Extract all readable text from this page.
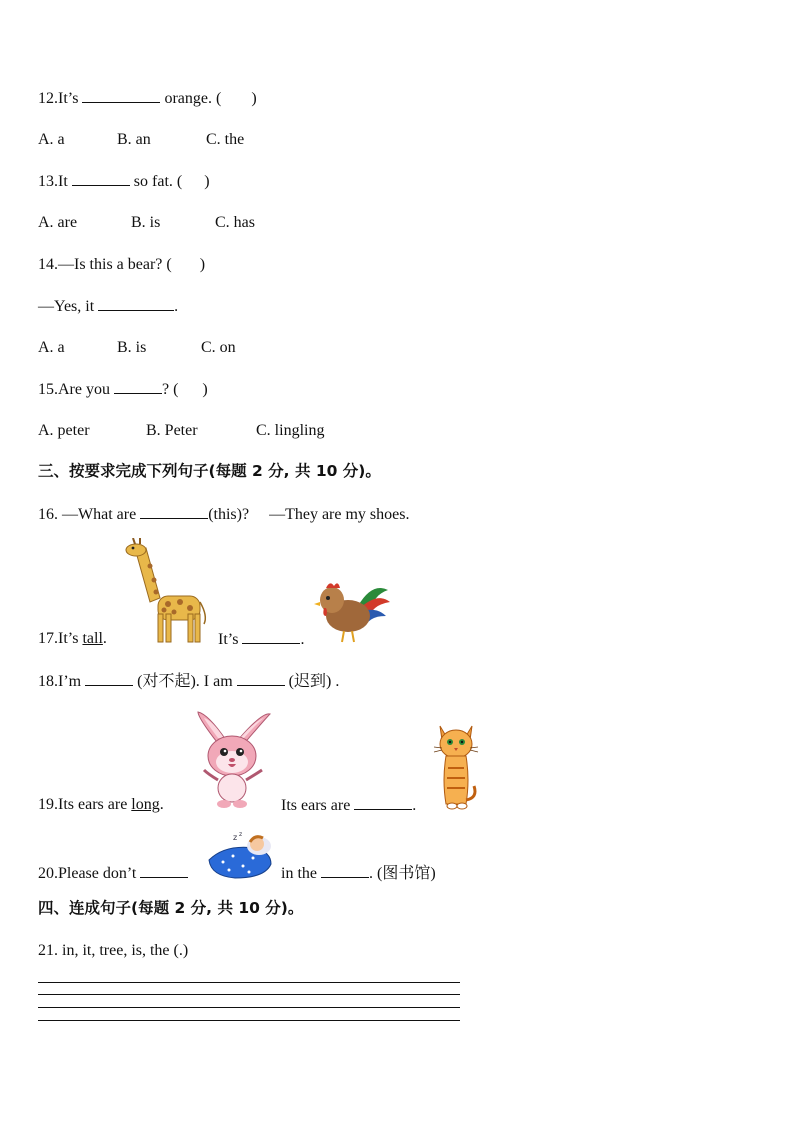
12.It’s	orange. ( )
A. a	B. an	C. the
13.It	so fat. ( )
A. are	B. is	C. has
14.—Is this a bear? ( )
—Yes, it	.
A. a	B. is	C. on
15.Are you	? ( )
A. peter	B. Peter	C. lingling
三、按要求完成下列句子(每题 2 分, 共 10 分)。
16. —What are	(this)? —They are my shoes.
17.It’s tall.	It’s	.
18.I’m	(对不起). I am	(迟到) .
19.Its ears are long.	Its ears are	.
z z
20.Please don’t	in the	. (图书馆)
四、连成句子(每题 2 分, 共 10 分)。
21. in, it, tree, is, the (.)
